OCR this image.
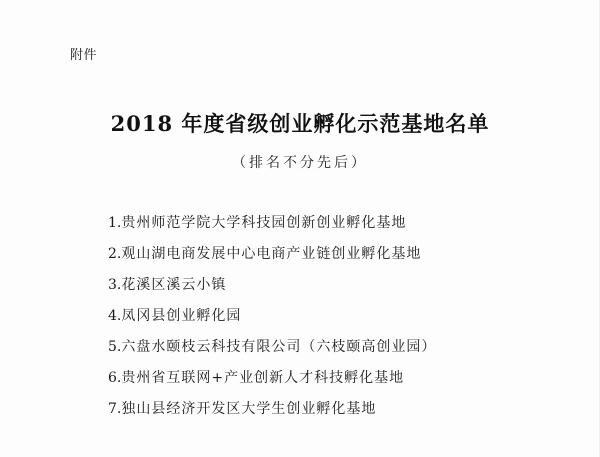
附件
2018 年度省级创业孵化示范基地名单
（排名不分先后）
1.贵州师范学院大学科技园创新创业孵化基地
2.观山湖电商发展中心电商产业链创业孵化基地
3.花溪区溪云小镇
4.凤冈县创业孵化园
5.六盘水颐枝云科技有限公司（六枝颐高创业园）
6.贵州省互联网+产业创新人才科技孵化基地
7.独山县经济开发区大学生创业孵化基地
